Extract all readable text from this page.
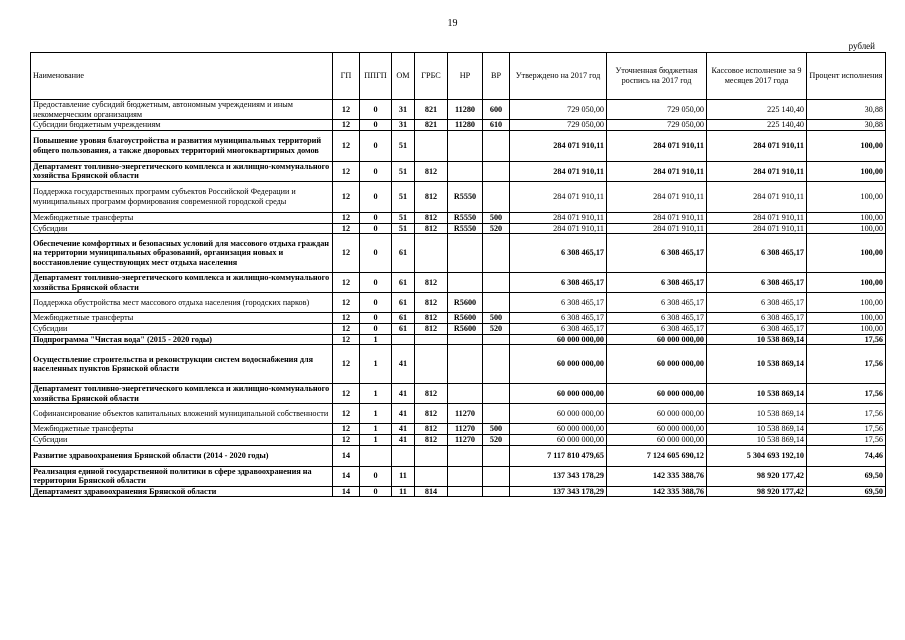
19
рублей
Наименование	ГП	ППГП	ОМ	ГРБС	НР	ВР	Утверждено на 2017 год	Уточненная бюджетная роспись на 2017 год	Кассовое исполнение за 9 месяцев 2017 года	Процент исполнения
Предоставление субсидий бюджетным, автономным учреждениям и иным некоммерческим организациям	12	0	31	821	11280	600	729 050,00	729 050,00	225 140,40	30,88
Субсидии бюджетным учреждениям	12	0	31	821	11280	610	729 050,00	729 050,00	225 140,40	30,88
Повышение уровня благоустройства и развития муниципальных территорий общего пользования, а также дворовых территорий многоквартирных домов	12	0	51				284 071 910,11	284 071 910,11	284 071 910,11	100,00
Департамент топливно-энергетического комплекса и жилищно-коммунального хозяйства Брянской области	12	0	51	812			284 071 910,11	284 071 910,11	284 071 910,11	100,00
Поддержка государственных программ субъектов Российской Федерации и муниципальных программ формирования современной городской среды	12	0	51	812	R5550		284 071 910,11	284 071 910,11	284 071 910,11	100,00
Межбюджетные трансферты	12	0	51	812	R5550	500	284 071 910,11	284 071 910,11	284 071 910,11	100,00
Субсидии	12	0	51	812	R5550	520	284 071 910,11	284 071 910,11	284 071 910,11	100,00
Обеспечение комфортных и безопасных условий для массового отдыха граждан на территории муниципальных образований, организация новых и восстановление существующих мест отдыха населения	12	0	61				6 308 465,17	6 308 465,17	6 308 465,17	100,00
Департамент топливно-энергетического комплекса и жилищно-коммунального хозяйства Брянской области	12	0	61	812			6 308 465,17	6 308 465,17	6 308 465,17	100,00
Поддержка обустройства мест массового отдыха населения (городских парков)	12	0	61	812	R5600		6 308 465,17	6 308 465,17	6 308 465,17	100,00
Межбюджетные трансферты	12	0	61	812	R5600	500	6 308 465,17	6 308 465,17	6 308 465,17	100,00
Субсидии	12	0	61	812	R5600	520	6 308 465,17	6 308 465,17	6 308 465,17	100,00
Подпрограмма "Чистая вода" (2015 - 2020 годы)	12	1					60 000 000,00	60 000 000,00	10 538 869,14	17,56
Осуществление строительства и реконструкции систем водоснабжения для населенных пунктов Брянской области	12	1	41				60 000 000,00	60 000 000,00	10 538 869,14	17,56
Департамент топливно-энергетического комплекса и жилищно-коммунального хозяйства Брянской области	12	1	41	812			60 000 000,00	60 000 000,00	10 538 869,14	17,56
Софинансирование объектов капитальных вложений муниципальной собственности	12	1	41	812	11270		60 000 000,00	60 000 000,00	10 538 869,14	17,56
Межбюджетные трансферты	12	1	41	812	11270	500	60 000 000,00	60 000 000,00	10 538 869,14	17,56
Субсидии	12	1	41	812	11270	520	60 000 000,00	60 000 000,00	10 538 869,14	17,56
Развитие здравоохранения Брянской области (2014 - 2020 годы)	14						7 117 810 479,65	7 124 605 690,12	5 304 693 192,10	74,46
Реализация единой государственной политики в сфере здравоохранения на территории Брянской области	14	0	11				137 343 178,29	142 335 388,76	98 920 177,42	69,50
Департамент здравоохранения Брянской области	14	0	11	814			137 343 178,29	142 335 388,76	98 920 177,42	69,50
